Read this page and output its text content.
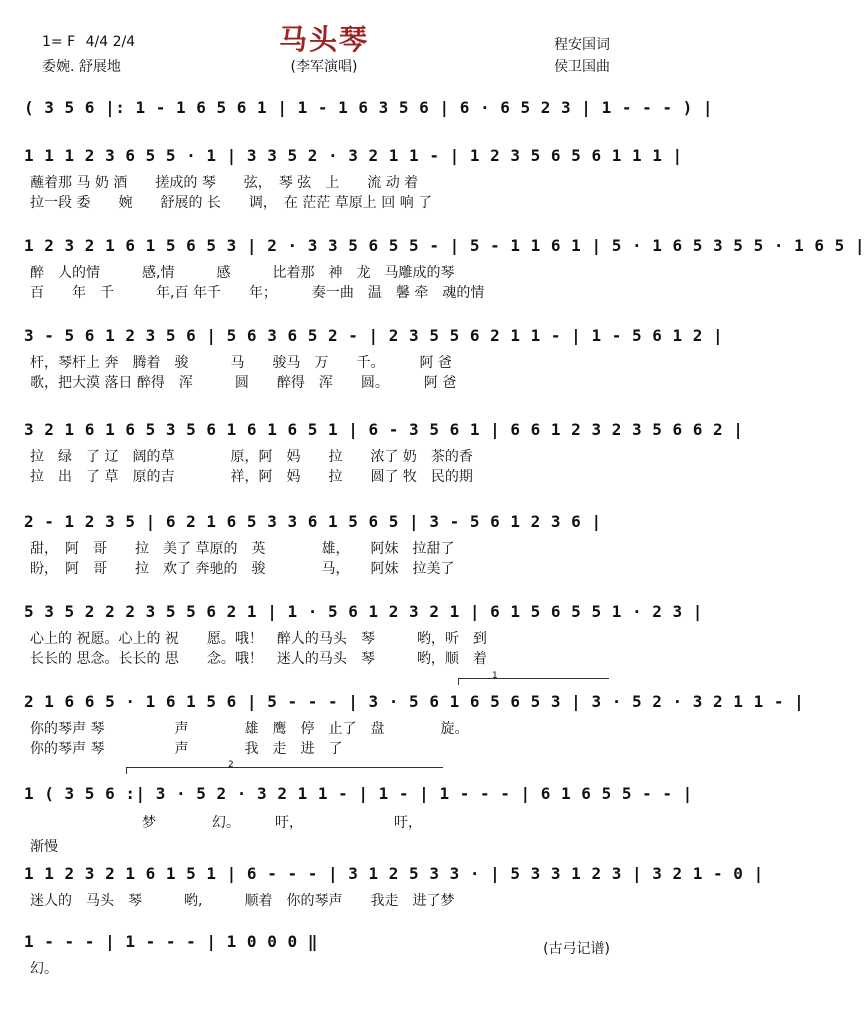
马头琴
1= F 4/4 2/4
委婉. 舒展地	(李军演唱)
程安国词
侯卫国曲
( 3 5 6 |: 1 - 1 6 5 6 1 | 1 - 1 6 3 5 6 | 6 · 6 5 2 3 | 1 - - - ) |
1 1 1 2 3 6 5 5 · 1 | 3 3 5 2 · 3 2 1 1 - | 1 2 3 5 6 5 6 1 1 1 |
蘸着那 马 奶 酒　　搓成的 琴　　弦，　琴 弦　上　　流 动 着
拉一段 委　　婉　　舒展的 长　　调，　在 茫茫 草原上 回 响 了
1 2 3 2 1 6 1 5 6 5 3 | 2 · 3 3 5 6 5 5 - | 5 - 1 1 6 1 | 5 · 1 6 5 3 5 5 · 1 6 5 |
醉　人的情　　　感,情　　　感　　　比着那　神　龙　马雕成的琴
百　　年　千　　　年,百 年千　　年；　　　奏一曲　温　馨 牵　魂的情
3 - 5 6 1 2 3 5 6 | 5 6 3 6 5 2 - | 2 3 5 5 6 2 1 1 - | 1 - 5 6 1 2 |
杆，琴杆上 奔　腾着　骏　　　马　　骏马　万　　千。　　　阿 爸
歌，把大漠 落日 醉得　浑　　　圆　　醉得　浑　　圆。　　　阿 爸
3 2 1 6 1 6 5 3 5 6 1 6 1 6 5 1 | 6 - 3 5 6 1 | 6 6 1 2 3 2 3 5 6 6 2 |
拉　绿　了 辽　阔的草　　　　原，阿　妈　　拉　　浓了 奶　茶的香
拉　出　了 草　原的吉　　　　祥，阿　妈　　拉　　圆了 牧　民的期
2 - 1 2 3 5 | 6 2 1 6 5 3 3 6 1 5 6 5 | 3 - 5 6 1 2 3 6 |
甜，　阿　哥　　拉　美了 草原的　英　　　　雄，　　阿妹　拉甜了
盼，　阿　哥　　拉　欢了 奔驰的　骏　　　　马，　　阿妹　拉美了
5 3 5 2 2 2 3 5 5 6 2 1 | 1 · 5 6 1 2 3 2 1 | 6 1 5 6 5 5 1 · 2 3 |
心上的 祝愿。心上的 祝　　愿。哦！　醉人的马头　琴　　　哟，听　到
长长的 思念。长长的 思　　念。哦！　迷人的马头　琴　　　哟，顺　着
1
2 1 6 6 5 · 1 6 1 5 6 | 5 - - - | 3 · 5 6 1 6 5 6 5 3 | 3 · 5 2 · 3 2 1 1 - |
你的琴声 琴　　　　　声　　　　雄　鹰　停　止了　盘　　　　旋。
你的琴声 琴　　　　　声　　　　我　走　进　了
2
1 ( 3 5 6 :| 3 · 5 2 · 3 2 1 1 - | 1 - | 1 - - - | 6 1 6 5 5 - - |
　　　　　　　　梦　　　　幻。　　　吁，　　　　　　　吁，
渐慢
1 1 2 3 2 1 6 1 5 1 | 6 - - - | 3 1 2 5 3 3 · | 5 3 3 1 2 3 | 3 2 1 - 0 |
迷人的　马头　琴　　　哟,　　　顺着　你的琴声　　我走　进了梦
1 - - - | 1 - - - | 1 0 0 0 ‖
幻。
(古弓记谱)
